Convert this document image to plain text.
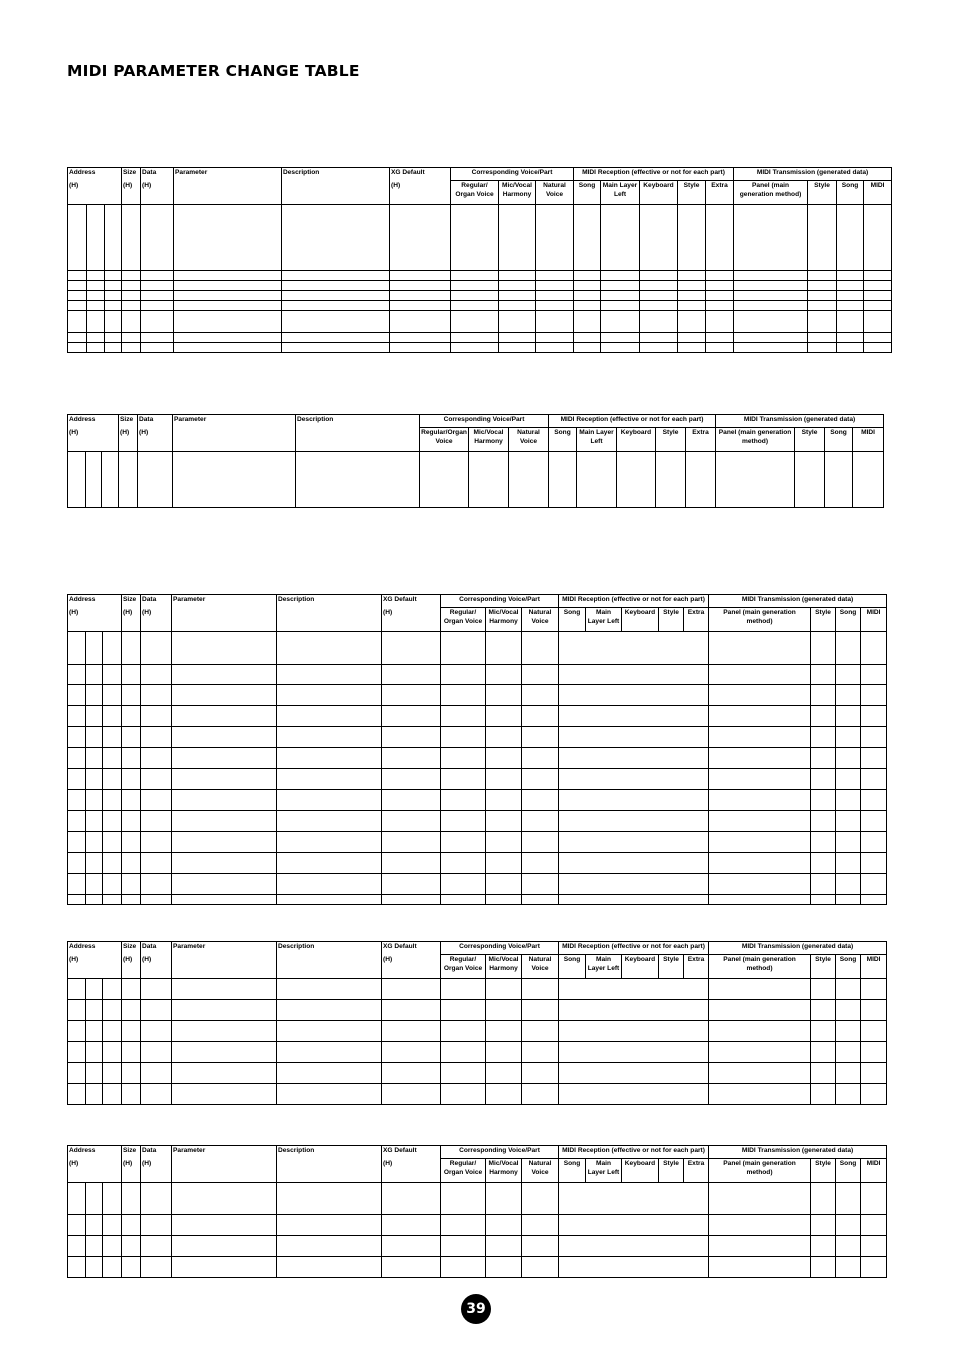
MIDI PARAMETER CHANGE TABLE
Address			Size	Data	Parameter	Description	XG Default	Corresponding Voice/Part			MIDI Reception (effective or not for each part)					MIDI Transmission (generated data)			
(H)			(H)	(H)			(H)	Regular/ Organ Voice	Mic/Vocal Harmony	Natural Voice	Song	Main Layer Left	Keyboard	Style	Extra	Panel (main generation method)	Style	Song	MIDI

Address			Size	Data	Parameter	Description	Corresponding Voice/Part			MIDI Reception (effective or not for each part)					MIDI Transmission (generated data)			
(H)			(H)	(H)			Regular/Organ Voice	Mic/Vocal Harmony	Natural Voice	Song	Main Layer Left	Keyboard	Style	Extra	Panel (main generation method)	Style	Song	MIDI

Address			Size	Data	Parameter	Description	XG Default	Corresponding Voice/Part			MIDI Reception (effective or not for each part)					MIDI Transmission (generated data)			
(H)			(H)	(H)			(H)	Regular/ Organ Voice	Mic/Vocal Harmony	Natural Voice	Song	Main Layer Left	Keyboard	Style	Extra	Panel (main generation method)	Style	Song	MIDI

Address			Size	Data	Parameter	Description	XG Default	Corresponding Voice/Part			MIDI Reception (effective or not for each part)					MIDI Transmission (generated data)			
(H)			(H)	(H)			(H)	Regular/ Organ Voice	Mic/Vocal Harmony	Natural Voice	Song	Main Layer Left	Keyboard	Style	Extra	Panel (main generation method)	Style	Song	MIDI

Address			Size	Data	Parameter	Description	XG Default	Corresponding Voice/Part			MIDI Reception (effective or not for each part)					MIDI Transmission (generated data)			
(H)			(H)	(H)			(H)	Regular/ Organ Voice	Mic/Vocal Harmony	Natural Voice	Song	Main Layer Left	Keyboard	Style	Extra	Panel (main generation method)	Style	Song	MIDI

39
